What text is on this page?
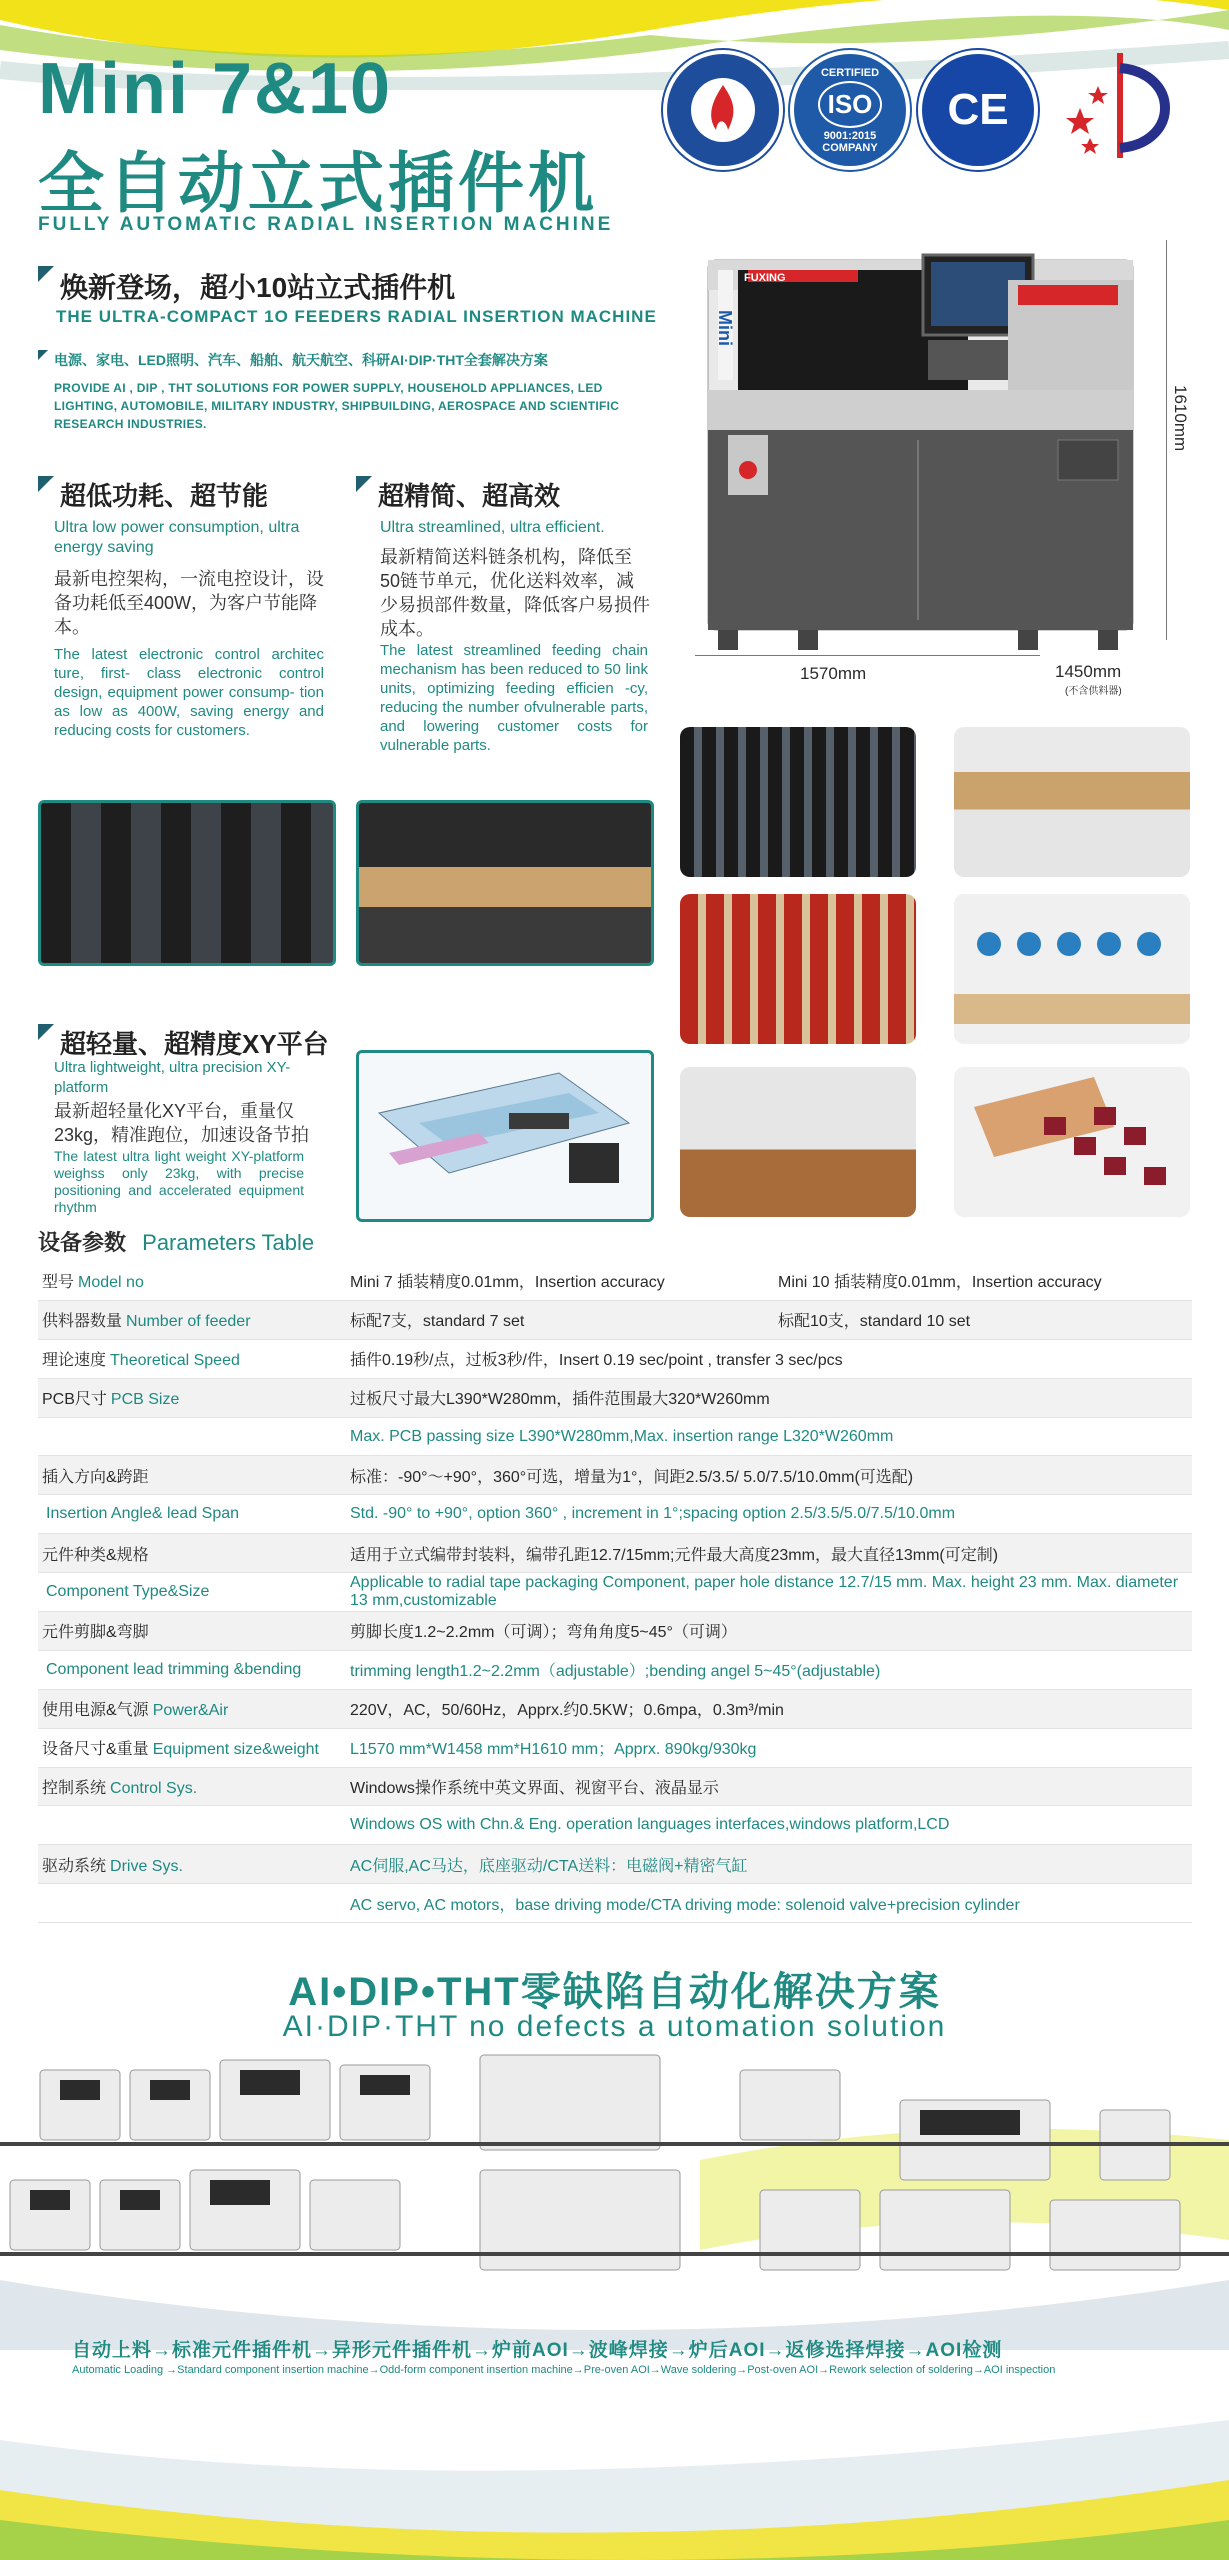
Mini 7&10
全自动立式插件机
FULLY AUTOMATIC RADIAL INSERTION MACHINE
CERTIFIED
ISO
9001:2015
COMPANY
CE
焕新登场，超小10站立式插件机
THE ULTRA-COMPACT 1O FEEDERS RADIAL INSERTION MACHINE
电源、家电、LED照明、汽车、船舶、航天航空、科研AI·DIP·THT全套解决方案
PROVIDE AI , DIP , THT SOLUTIONS FOR POWER SUPPLY, HOUSEHOLD APPLIANCES, LED LIGHTING, AUTOMOBILE, MILITARY INDUSTRY, SHIPBUILDING, AEROSPACE AND SCIENTIFIC RESEARCH INDUSTRIES.
FUXING
Mini
1610mm
1570mm	1450mm
(不含供料器)
超低功耗、超节能
Ultra low power consumption, ultra energy saving
最新电控架构，一流电控设计，设备功耗低至400W，为客户节能降本。
The latest electronic control architec ture, first- class electronic control design, equipment power consump- tion as low as 400W, saving energy and reducing costs for customers.
超精简、超高效
Ultra streamlined, ultra efficient.
最新精简送料链条机构，降低至50链节单元，优化送料效率，减少易损部件数量，降低客户易损件成本。
The latest streamlined feeding chain mechanism has been reduced to 50 link units, optimizing feeding efficien -cy, reducing the number ofvulnerable parts, and lowering customer costs for vulnerable parts.
超轻量、超精度XY平台
Ultra lightweight, ultra precision XY-platform
最新超轻量化XY平台，重量仅23kg，精准跑位，加速设备节拍
The latest ultra light weight XY-platform weighss only 23kg, with precise positioning and accelerated equipment rhythm
设备参数 Parameters Table
型号 Model no	Mini 7 插装精度0.01mm，Insertion accuracy	Mini 10 插装精度0.01mm，Insertion accuracy
供料器数量 Number of feeder	标配7支，standard 7 set	标配10支，standard 10 set
理论速度 Theoretical Speed	插件0.19秒/点，过板3秒/件，Insert 0.19 sec/point , transfer 3 sec/pcs	
PCB尺寸 PCB Size	过板尺寸最大L390*W280mm，插件范围最大320*W260mm	
	Max. PCB passing size L390*W280mm,Max. insertion range L320*W260mm	
插入方向&跨距	标准：-90°～+90°，360°可选，增量为1°，间距2.5/3.5/ 5.0/7.5/10.0mm(可选配)	
Insertion Angle& lead Span	Std. -90° to +90°, option 360° , increment in 1°;spacing option 2.5/3.5/5.0/7.5/10.0mm	
元件种类&规格	适用于立式编带封装料，编带孔距12.7/15mm;元件最大高度23mm，最大直径13mm(可定制)	
Component Type&Size	Applicable to radial tape packaging Component, paper hole distance 12.7/15 mm. Max. height 23 mm. Max. diameter 13 mm,customizable	
元件剪脚&弯脚	剪脚长度1.2~2.2mm（可调）；弯角角度5~45°（可调）	
Component lead trimming &bending	trimming length1.2~2.2mm（adjustable）;bending angel 5~45°(adjustable)	
使用电源&气源 Power&Air	220V，AC，50/60Hz，Apprx.约0.5KW；0.6mpa，0.3m³/min	
设备尺寸&重量 Equipment size&weight	L1570 mm*W1458 mm*H1610 mm；Apprx. 890kg/930kg	
控制系统 Control Sys.	Windows操作系统中英文界面、视窗平台、液晶显示	
	Windows OS with Chn.& Eng. operation languages interfaces,windows platform,LCD	
驱动系统 Drive Sys.	AC伺服,AC马达，底座驱动/CTA送料：电磁阀+精密气缸	
	AC servo, AC motors，base driving mode/CTA driving mode: solenoid valve+precision cylinder	
AI•DIP•THT零缺陷自动化解决方案
AI·DIP·THT no defects a utomation solution
自动上料→标准元件插件机→异形元件插件机→炉前AOI→波峰焊接→炉后AOI→返修选择焊接→AOI检测
Automatic Loading →Standard component insertion machine→Odd-form component insertion machine→Pre-oven AOI→Wave soldering→Post-oven AOI→Rework selection of soldering→AOI inspection
